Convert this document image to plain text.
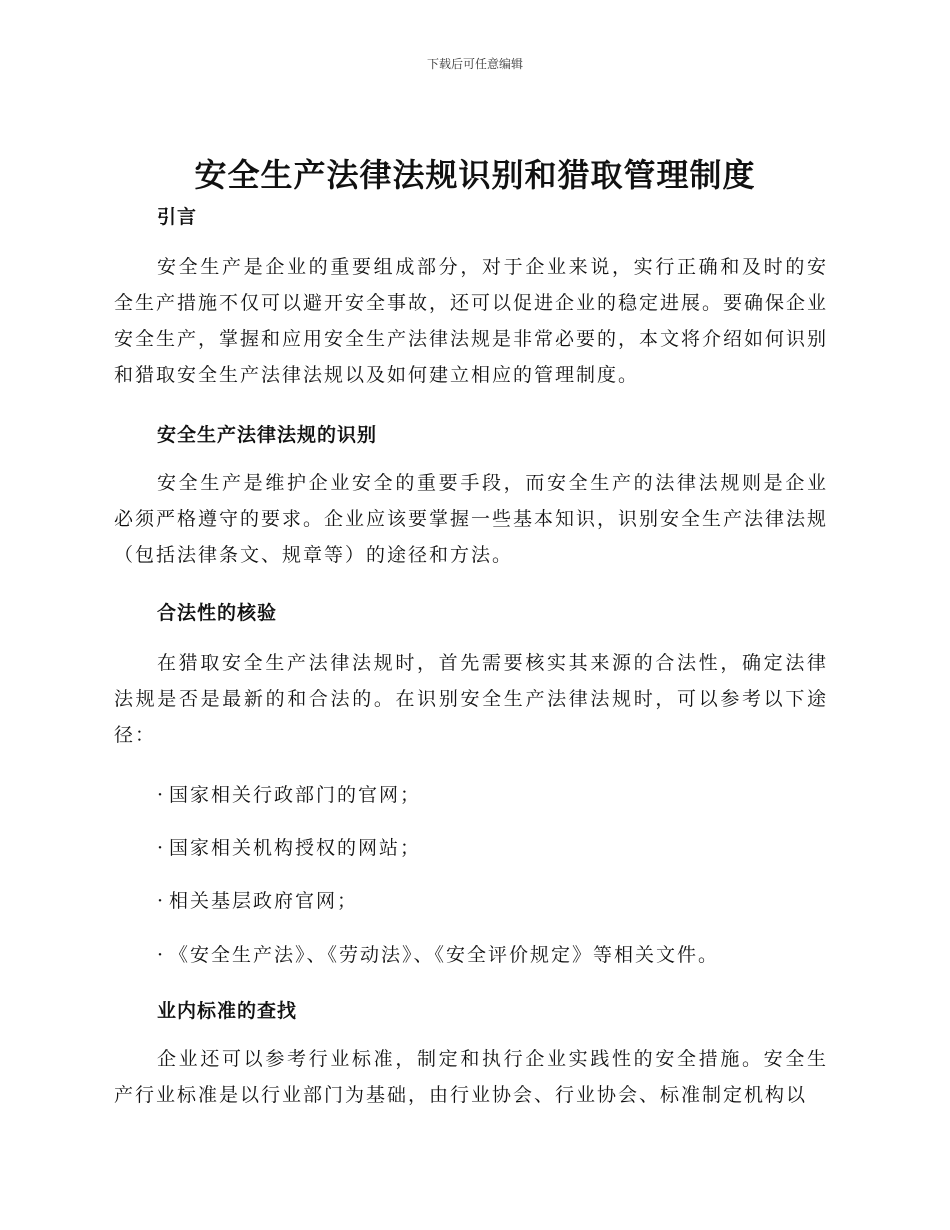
下载后可任意编辑
安全生产法律法规识别和猎取管理制度
引言
安全生产是企业的重要组成部分，对于企业来说，实行正确和及时的安全生产措施不仅可以避开安全事故，还可以促进企业的稳定进展。要确保企业安全生产，掌握和应用安全生产法律法规是非常必要的，本文将介绍如何识别和猎取安全生产法律法规以及如何建立相应的管理制度。
安全生产法律法规的识别
安全生产是维护企业安全的重要手段，而安全生产的法律法规则是企业必须严格遵守的要求。企业应该要掌握一些基本知识，识别安全生产法律法规（包括法律条文、规章等）的途径和方法。
合法性的核验
在猎取安全生产法律法规时，首先需要核实其来源的合法性，确定法律法规是否是最新的和合法的。在识别安全生产法律法规时，可以参考以下途径：
· 国家相关行政部门的官网；
· 国家相关机构授权的网站；
· 相关基层政府官网；
· 《安全生产法》、《劳动法》、《安全评价规定》等相关文件。
业内标准的查找
企业还可以参考行业标准，制定和执行企业实践性的安全措施。安全生产行业标准是以行业部门为基础，由行业协会、行业协会、标准制定机构以
